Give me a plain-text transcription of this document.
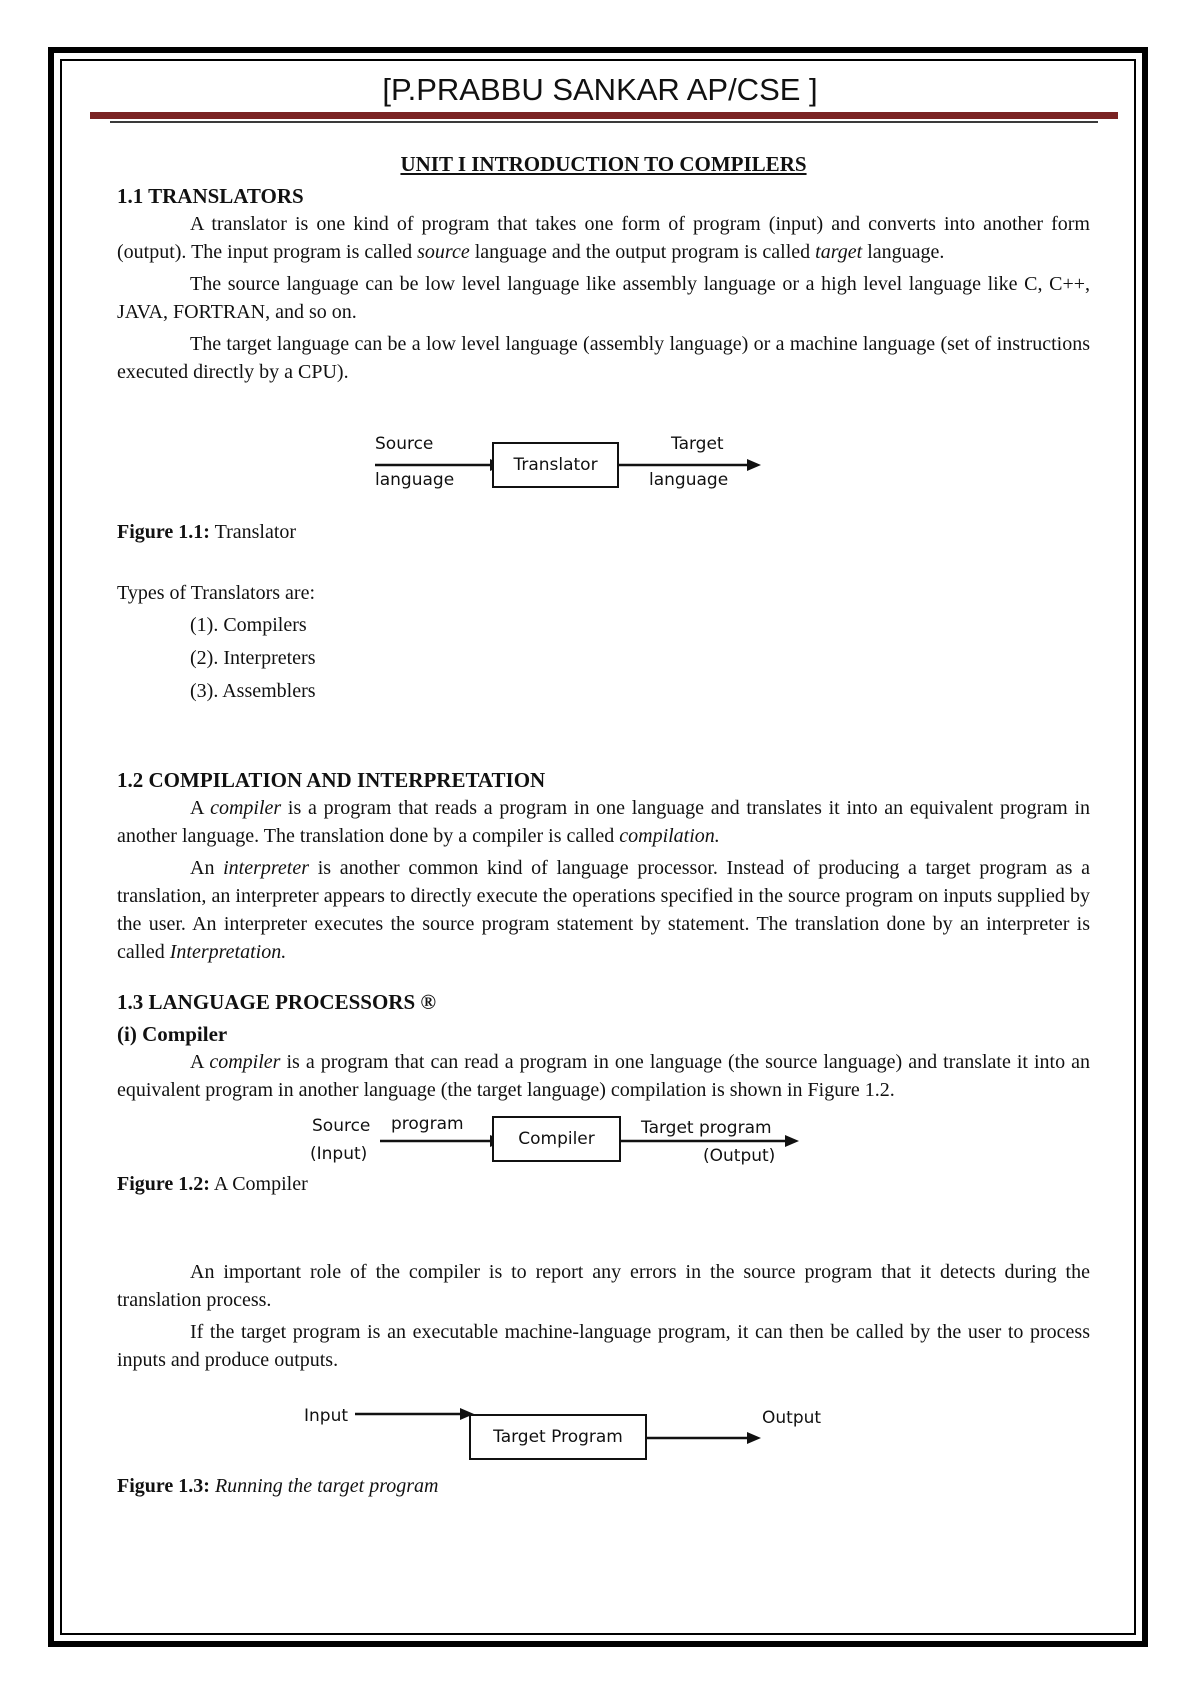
[P.PRABBU SANKAR AP/CSE ]
UNIT I INTRODUCTION TO COMPILERS
1.1 TRANSLATORS

A translator is one kind of program that takes one form of program (input) and converts into another form (output). The input program is called source language and the output program is called target language.

The source language can be low level language like assembly language or a high level language like C, C++, JAVA, FORTRAN, and so on.

The target language can be a low level language (assembly language) or a machine language (set of instructions executed directly by a CPU).

Source
language
Translator
Target
language

Figure 1.1: Translator

Types of Translators are:

(1). Compilers
(2). Interpreters
(3). Assemblers
1.2 COMPILATION AND INTERPRETATION

A compiler is a program that reads a program in one language and translates it into an equivalent program in another language. The translation done by a compiler is called compilation.

An interpreter is another common kind of language processor. Instead of producing a target program as a translation, an interpreter appears to directly execute the operations specified in the source program on inputs supplied by the user. An interpreter executes the source program statement by statement. The translation done by an interpreter is called Interpretation.

1.3 LANGUAGE PROCESSORS ®
(i) Compiler

A compiler is a program that can read a program in one language (the source language) and translate it into an equivalent program in another language (the target language) compilation is shown in Figure 1.2.

Source program
(Input)
Compiler
Target program
(Output)

Figure 1.2: A Compiler

An important role of the compiler is to report any errors in the source program that it detects during the translation process.

If the target program is an executable machine-language program, it can then be called by the user to process inputs and produce outputs.

Input
Target Program
Output

Figure 1.3: Running the target program
